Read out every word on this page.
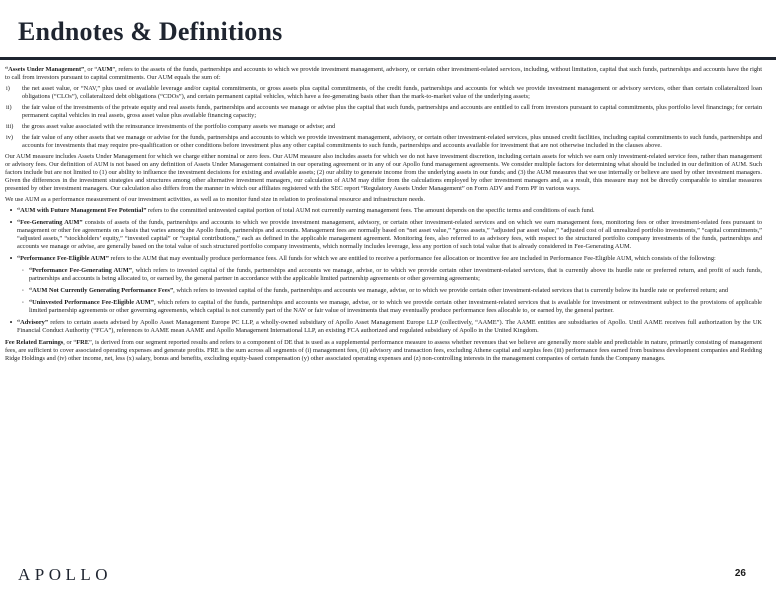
Endnotes & Definitions
“Assets Under Management”, or “AUM”, refers to the assets of the funds, partnerships and accounts to which we provide investment management, advisory, or certain other investment-related services, including, without limitation, capital that such funds, partnerships and accounts have the right to call from investors pursuant to capital commitments. Our AUM equals the sum of:
i)	the net asset value, or “NAV,” plus used or available leverage and/or capital commitments, or gross assets plus capital commitments, of the credit funds, partnerships and accounts for which we provide investment management or advisory services, other than certain collateralized loan obligations (“CLOs”), collateralized debt obligations (“CDOs”), and certain permanent capital vehicles, which have a fee-generating basis other than the mark-to-market value of the underlying assets;
ii)	the fair value of the investments of the private equity and real assets funds, partnerships and accounts we manage or advise plus the capital that such funds, partnerships and accounts are entitled to call from investors pursuant to capital commitments, plus portfolio level financings; for certain permanent capital vehicles in real assets, gross asset value plus available financing capacity;
iii)	the gross asset value associated with the reinsurance investments of the portfolio company assets we manage or advise; and
iv)	the fair value of any other assets that we manage or advise for the funds, partnerships and accounts to which we provide investment management, advisory, or certain other investment-related services, plus unused credit facilities, including capital commitments to such funds, partnerships and accounts for investments that may require pre-qualification or other conditions before investment plus any other capital commitments to such funds, partnerships and accounts available for investment that are not otherwise included in the clauses above.
Our AUM measure includes Assets Under Management for which we charge either nominal or zero fees. Our AUM measure also includes assets for which we do not have investment discretion, including certain assets for which we earn only investment-related service fees, rather than management or advisory fees. Our definition of AUM is not based on any definition of Assets Under Management contained in our operating agreement or in any of our Apollo fund management agreements. We consider multiple factors for determining what should be included in our definition of AUM. Such factors include but are not limited to (1) our ability to influence the investment decisions for existing and available assets; (2) our ability to generate income from the underlying assets in our funds; and (3) the AUM measures that we use internally or believe are used by other investment managers. Given the differences in the investment strategies and structures among other alternative investment managers, our calculation of AUM may differ from the calculations employed by other investment managers and, as a result, this measure may not be directly comparable to similar measures presented by other investment managers. Our calculation also differs from the manner in which our affiliates registered with the SEC report “Regulatory Assets Under Management” on Form ADV and Form PF in various ways.
We use AUM as a performance measurement of our investment activities, as well as to monitor fund size in relation to professional resource and infrastructure needs.
• “AUM with Future Management Fee Potential” refers to the committed uninvested capital portion of total AUM not currently earning management fees. The amount depends on the specific terms and conditions of each fund.
• “Fee-Generating AUM” consists of assets of the funds, partnerships and accounts to which we provide investment management, advisory, or certain other investment-related services and on which we earn management fees, monitoring fees or other investment-related fees pursuant to management or other fee agreements on a basis that varies among the Apollo funds, partnerships and accounts. Management fees are normally based on “net asset value,” “gross assets,” “adjusted par asset value,” “adjusted cost of all unrealized portfolio investments,” “capital commitments,” “adjusted assets,” “stockholders’ equity,” “invested capital” or “capital contributions,” each as defined in the applicable management agreement. Monitoring fees, also referred to as advisory fees, with respect to the structured portfolio company investments of the funds, partnerships and accounts we manage or advise, are generally based on the total value of such structured portfolio company investments, which normally includes leverage, less any portion of such total value that is already considered in Fee-Generating AUM.
• “Performance Fee-Eligible AUM” refers to the AUM that may eventually produce performance fees. All funds for which we are entitled to receive a performance fee allocation or incentive fee are included in Performance Fee-Eligible AUM, which consists of the following:
◦ “Performance Fee-Generating AUM”, which refers to invested capital of the funds, partnerships and accounts we manage, advise, or to which we provide certain other investment-related services, that is currently above its hurdle rate or preferred return, and profit of such funds, partnerships and accounts is being allocated to, or earned by, the general partner in accordance with the applicable limited partnership agreements or other governing agreements;
◦ “AUM Not Currently Generating Performance Fees”, which refers to invested capital of the funds, partnerships and accounts we manage, advise, or to which we provide certain other investment-related services that is currently below its hurdle rate or preferred return; and
◦ “Uninvested Performance Fee-Eligible AUM”, which refers to capital of the funds, partnerships and accounts we manage, advise, or to which we provide certain other investment-related services that is available for investment or reinvestment subject to the provisions of applicable limited partnership agreements or other governing agreements, which capital is not currently part of the NAV or fair value of investments that may eventually produce performance fees allocable to, or earned by, the general partner.
• “Advisory” refers to certain assets advised by Apollo Asset Management Europe PC LLP, a wholly-owned subsidiary of Apollo Asset Management Europe LLP (collectively, “AAME”). The AAME entities are subsidiaries of Apollo. Until AAME receives full authorization by the UK Financial Conduct Authority (“FCA”), references to AAME mean AAME and Apollo Management International LLP, an existing FCA authorized and regulated subsidiary of Apollo in the United Kingdom.
Fee Related Earnings, or “FRE”, is derived from our segment reported results and refers to a component of DE that is used as a supplemental performance measure to assess whether revenues that we believe are generally more stable and predictable in nature, primarily consisting of management fees, are sufficient to cover associated operating expenses and generate profits. FRE is the sum across all segments of (i) management fees, (ii) advisory and transaction fees, excluding Athene capital and surplus fees (iii) performance fees earned from business development companies and Redding Ridge Holdings and (iv) other income, net, less (x) salary, bonus and benefits, excluding equity-based compensation (y) other associated operating expenses and (z) non-controlling interests in the management companies of certain funds the Company manages.
APOLLO	26
